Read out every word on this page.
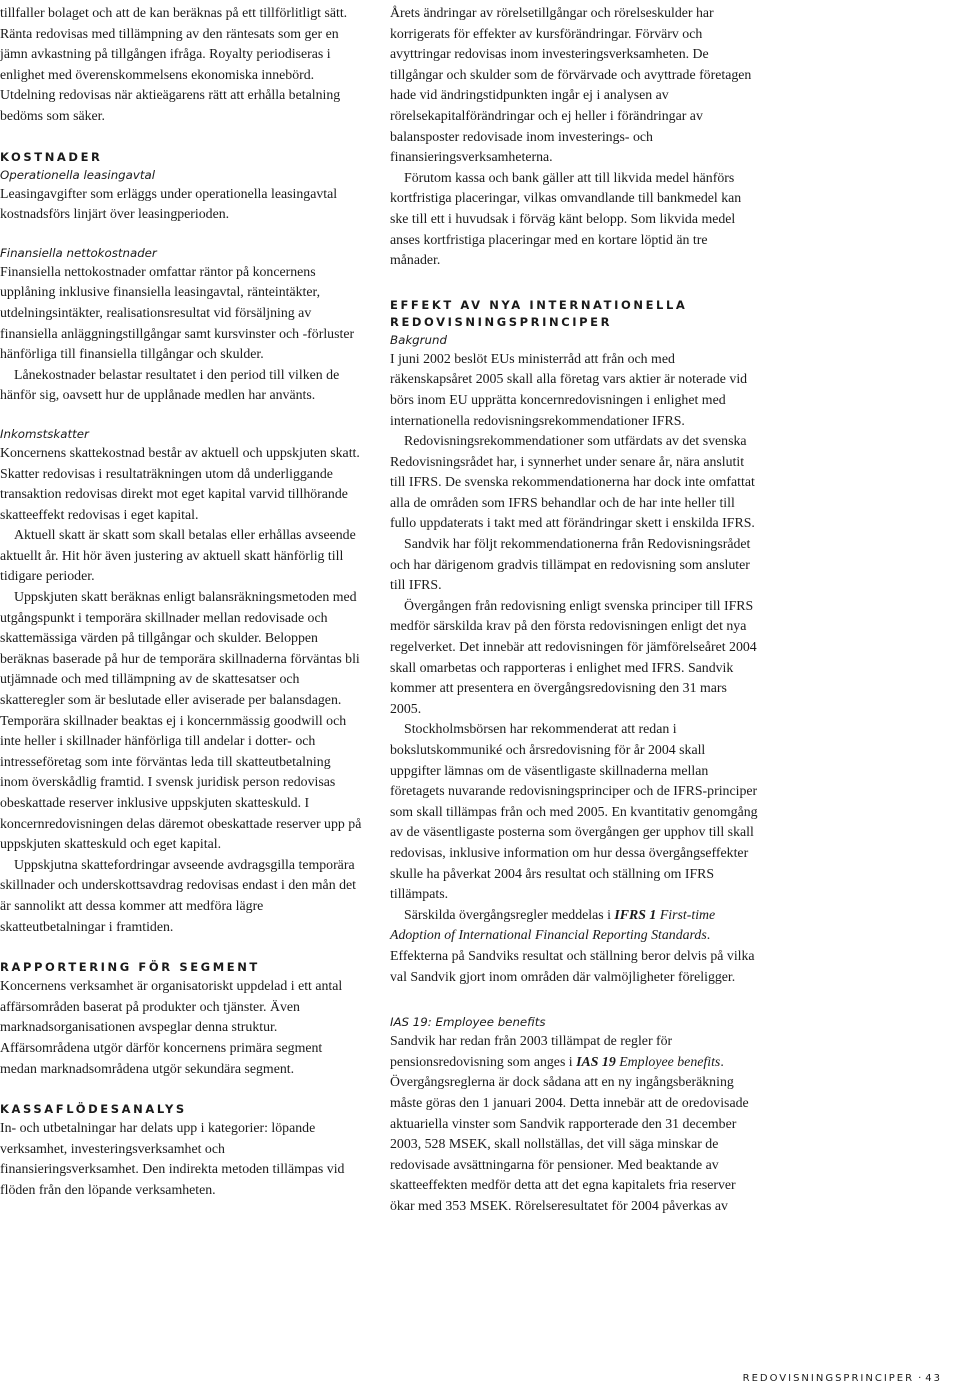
tillfaller bolaget och att de kan beräknas på ett tillförlitligt sätt. Ränta redovisas med tillämpning av den räntesats som ger en jämn avkastning på tillgången ifråga. Royalty periodiseras i enlighet med överenskommelsens ekonomiska innebörd. Utdelning redovisas när aktieägarens rätt att erhålla betalning bedöms som säker.

KOSTNADER
Operationella leasingavtal

Leasingavgifter som erläggs under operationella leasingavtal kostnadsförs linjärt över leasingperioden.

Finansiella nettokostnader

Finansiella nettokostnader omfattar räntor på koncernens upplåning inklusive finansiella leasingavtal, ränteintäkter, utdelningsintäkter, realisationsresultat vid försäljning av finansiella anläggningstillgångar samt kursvinster och -förluster hänförliga till finansiella tillgångar och skulder.

Lånekostnader belastar resultatet i den period till vilken de hänför sig, oavsett hur de upplånade medlen har använts.

Inkomstskatter

Koncernens skattekostnad består av aktuell och uppskjuten skatt. Skatter redovisas i resultaträkningen utom då underliggande transaktion redovisas direkt mot eget kapital varvid tillhörande skatteeffekt redovisas i eget kapital.

Aktuell skatt är skatt som skall betalas eller erhållas avseende aktuellt år. Hit hör även justering av aktuell skatt hänförlig till tidigare perioder.

Uppskjuten skatt beräknas enligt balansräkningsmetoden med utgångspunkt i temporära skillnader mellan redovisade och skattemässiga värden på tillgångar och skulder. Beloppen beräknas baserade på hur de temporära skillnaderna förväntas bli utjämnade och med tillämpning av de skattesatser och skatteregler som är beslutade eller aviserade per balansdagen. Temporära skillnader beaktas ej i koncernmässig goodwill och inte heller i skillnader hänförliga till andelar i dotter- och intresseföretag som inte förväntas leda till skatteutbetalning inom överskådlig framtid. I svensk juridisk person redovisas obeskattade reserver inklusive uppskjuten skatteskuld. I koncernredovisningen delas däremot obeskattade reserver upp på uppskjuten skatteskuld och eget kapital.

Uppskjutna skattefordringar avseende avdragsgilla temporära skillnader och underskottsavdrag redovisas endast i den mån det är sannolikt att dessa kommer att medföra lägre skatteutbetalningar i framtiden.

RAPPORTERING FÖR SEGMENT

Koncernens verksamhet är organisatoriskt uppdelad i ett antal affärsområden baserat på produkter och tjänster. Även marknadsorganisationen avspeglar denna struktur. Affärsområdena utgör därför koncernens primära segment medan marknadsområdena utgör sekundära segment.

KASSAFLÖDESANALYS

In- och utbetalningar har delats upp i kategorier: löpande verksamhet, investeringsverksamhet och finansieringsverksamhet. Den indirekta metoden tillämpas vid flöden från den löpande verksamheten.

Årets ändringar av rörelsetillgångar och rörelseskulder har korrigerats för effekter av kursförändringar. Förvärv och avyttringar redovisas inom investeringsverksamheten. De tillgångar och skulder som de förvärvade och avyttrade företagen hade vid ändringstidpunkten ingår ej i analysen av rörelsekapitalförändringar och ej heller i förändringar av balansposter redovisade inom investerings- och finansieringsverksamheterna.

Förutom kassa och bank gäller att till likvida medel hänförs kortfristiga placeringar, vilkas omvandlande till bankmedel kan ske till ett i huvudsak i förväg känt belopp. Som likvida medel anses kortfristiga placeringar med en kortare löptid än tre månader.

EFFEKT AV NYA INTERNATIONELLA
REDOVISNINGSPRINCIPER
Bakgrund

I juni 2002 beslöt EUs ministerråd att från och med räkenskapsåret 2005 skall alla företag vars aktier är noterade vid börs inom EU upprätta koncernredovisningen i enlighet med internationella redovisningsrekommendationer IFRS.

Redovisningsrekommendationer som utfärdats av det svenska Redovisningsrådet har, i synnerhet under senare år, nära anslutit till IFRS. De svenska rekommendationerna har dock inte omfattat alla de områden som IFRS behandlar och de har inte heller till fullo uppdaterats i takt med att förändringar skett i enskilda IFRS.

Sandvik har följt rekommendationerna från Redovisningsrådet och har därigenom gradvis tillämpat en redovisning som ansluter till IFRS.

Övergången från redovisning enligt svenska principer till IFRS medför särskilda krav på den första redovisningen enligt det nya regelverket. Det innebär att redovisningen för jämförelseåret 2004 skall omarbetas och rapporteras i enlighet med IFRS. Sandvik kommer att presentera en övergångsredovisning den 31 mars 2005.

Stockholmsbörsen har rekommenderat att redan i bokslutskommuniké och årsredovisning för år 2004 skall uppgifter lämnas om de väsentligaste skillnaderna mellan företagets nuvarande redovisningsprinciper och de IFRS-principer som skall tillämpas från och med 2005. En kvantitativ genomgång av de väsentligaste posterna som övergången ger upphov till skall redovisas, inklusive information om hur dessa övergångseffekter skulle ha påverkat 2004 års resultat och ställning om IFRS tillämpats.

Särskilda övergångsregler meddelas i IFRS 1 First-time Adoption of International Financial Reporting Standards. Effekterna på Sandviks resultat och ställning beror delvis på vilka val Sandvik gjort inom områden där valmöjligheter föreligger.

IAS 19: Employee benefits

Sandvik har redan från 2003 tillämpat de regler för pensionsredovisning som anges i IAS 19 Employee benefits. Övergångsreglerna är dock sådana att en ny ingångsberäkning måste göras den 1 januari 2004. Detta innebär att de oredovisade aktuariella vinster som Sandvik rapporterade den 31 december 2003, 528 MSEK, skall nollställas, det vill säga minskar de redovisade avsättningarna för pensioner. Med beaktande av skatteeffekten medför detta att det egna kapitalets fria reserver ökar med 353 MSEK. Rörelseresultatet för 2004 påverkas av

REDOVISNINGSPRINCIPER · 43
